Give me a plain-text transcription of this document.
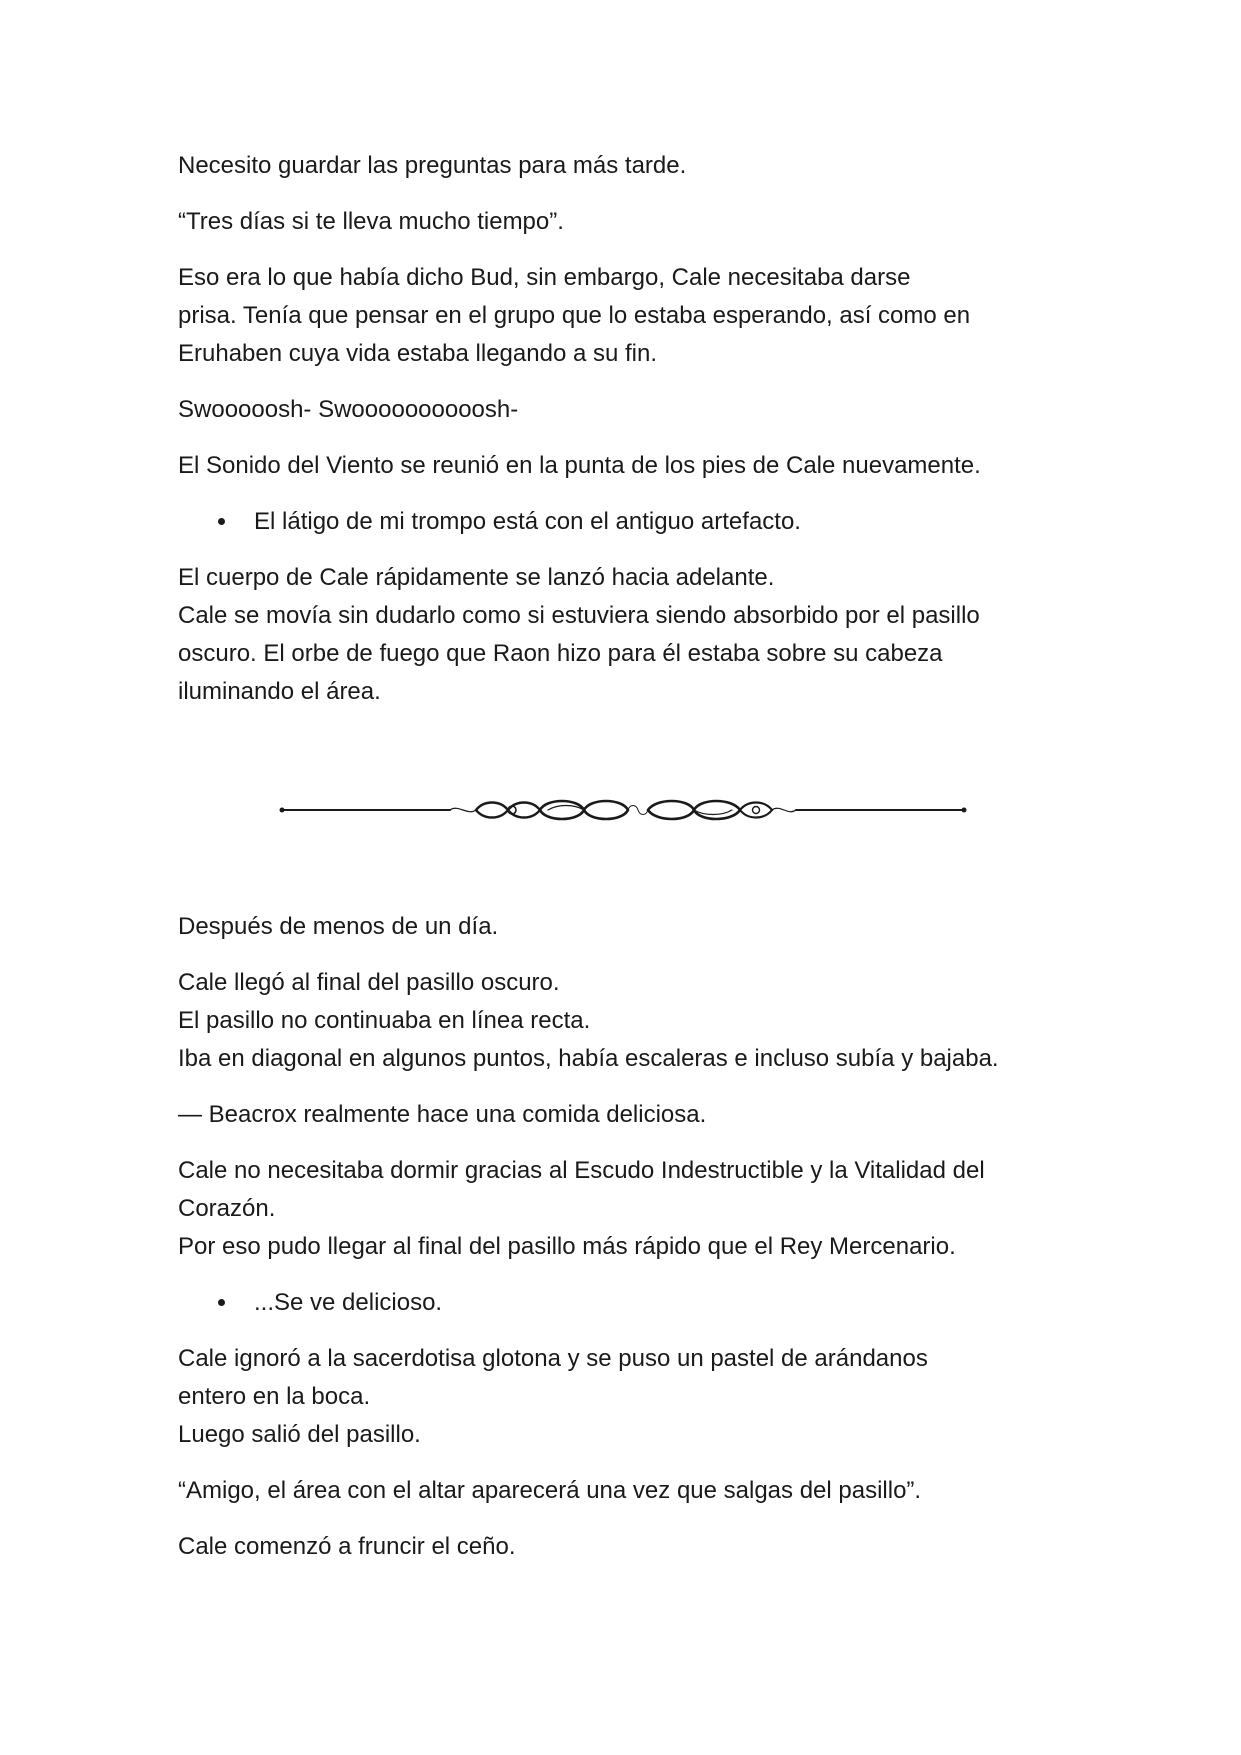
Necesito guardar las preguntas para más tarde.

“Tres días si te lleva mucho tiempo”.

Eso era lo que había dicho Bud, sin embargo, Cale necesitaba darse
prisa. Tenía que pensar en el grupo que lo estaba esperando, así como en
Eruhaben cuya vida estaba llegando a su fin.

Swooooosh- Swoooooooooosh-

El Sonido del Viento se reunió en la punta de los pies de Cale nuevamente.

El látigo de mi trompo está con el antiguo artefacto.

El cuerpo de Cale rápidamente se lanzó hacia adelante.
Cale se movía sin dudarlo como si estuviera siendo absorbido por el pasillo
oscuro. El orbe de fuego que Raon hizo para él estaba sobre su cabeza
iluminando el área.

Después de menos de un día.

Cale llegó al final del pasillo oscuro.
El pasillo no continuaba en línea recta.
Iba en diagonal en algunos puntos, había escaleras e incluso subía y bajaba.

— Beacrox realmente hace una comida deliciosa.

Cale no necesitaba dormir gracias al Escudo Indestructible y la Vitalidad del
Corazón.
Por eso pudo llegar al final del pasillo más rápido que el Rey Mercenario.

...Se ve delicioso.

Cale ignoró a la sacerdotisa glotona y se puso un pastel de arándanos
entero en la boca.
Luego salió del pasillo.

“Amigo, el área con el altar aparecerá una vez que salgas del pasillo”.

Cale comenzó a fruncir el ceño.
